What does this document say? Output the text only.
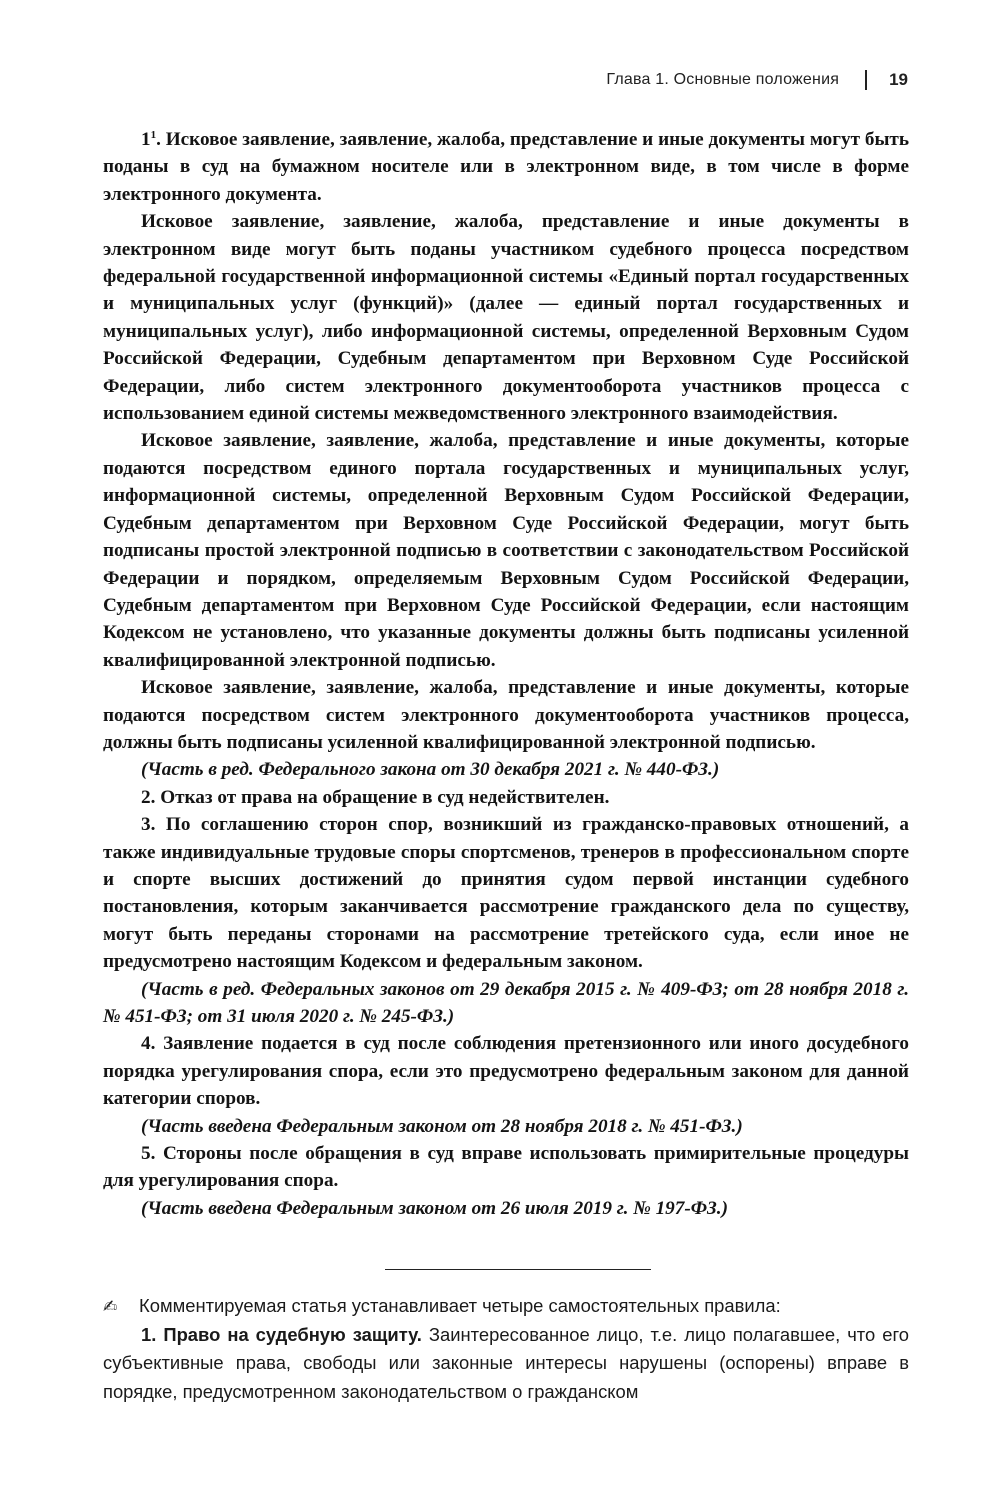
Глава 1. Основные положения	19

$1^1$. Исковое заявление, заявление, жалоба, представление и иные документы могут быть поданы в суд на бумажном носителе или в электронном виде, в том числе в форме электронного документа.

Исковое заявление, заявление, жалоба, представление и иные документы в электронном виде могут быть поданы участником судебного процесса посредством федеральной государственной информационной системы «Единый портал государственных и муниципальных услуг (функций)» (далее — единый портал государственных и муниципальных услуг), либо информационной системы, определенной Верховным Судом Российской Федерации, Судебным департаментом при Верховном Суде Российской Федерации, либо систем электронного документооборота участников процесса с использованием единой системы межведомственного электронного взаимодействия.

Исковое заявление, заявление, жалоба, представление и иные документы, которые подаются посредством единого портала государственных и муниципальных услуг, информационной системы, определенной Верховным Судом Российской Федерации, Судебным департаментом при Верховном Суде Российской Федерации, могут быть подписаны простой электронной подписью в соответствии с законодательством Российской Федерации и порядком, определяемым Верховным Судом Российской Федерации, Судебным департаментом при Верховном Суде Российской Федерации, если настоящим Кодексом не установлено, что указанные документы должны быть подписаны усиленной квалифицированной электронной подписью.

Исковое заявление, заявление, жалоба, представление и иные документы, которые подаются посредством систем электронного документооборота участников процесса, должны быть подписаны усиленной квалифицированной электронной подписью.

(Часть в ред. Федерального закона от 30 декабря 2021 г. № 440-ФЗ.)

2. Отказ от права на обращение в суд недействителен.

3. По соглашению сторон спор, возникший из гражданско-правовых отношений, а также индивидуальные трудовые споры спортсменов, тренеров в профессиональном спорте и спорте высших достижений до принятия судом первой инстанции судебного постановления, которым заканчивается рассмотрение гражданского дела по существу, могут быть переданы сторонами на рассмотрение третейского суда, если иное не предусмотрено настоящим Кодексом и федеральным законом.

(Часть в ред. Федеральных законов от 29 декабря 2015 г. № 409-ФЗ; от 28 ноября 2018 г. № 451-ФЗ; от 31 июля 2020 г. № 245-ФЗ.)

4. Заявление подается в суд после соблюдения претензионного или иного досудебного порядка урегулирования спора, если это предусмотрено федеральным законом для данной категории споров.

(Часть введена Федеральным законом от 28 ноября 2018 г. № 451-ФЗ.)

5. Стороны после обращения в суд вправе использовать примирительные процедуры для урегулирования спора.

(Часть введена Федеральным законом от 26 июля 2019 г. № 197-ФЗ.)

✍ Комментируемая статья устанавливает четыре самостоятельных правила:

1. Право на судебную защиту. Заинтересованное лицо, т.е. лицо полагавшее, что его субъективные права, свободы или законные интересы нарушены (оспорены) вправе в порядке, предусмотренном законодательством о гражданском
